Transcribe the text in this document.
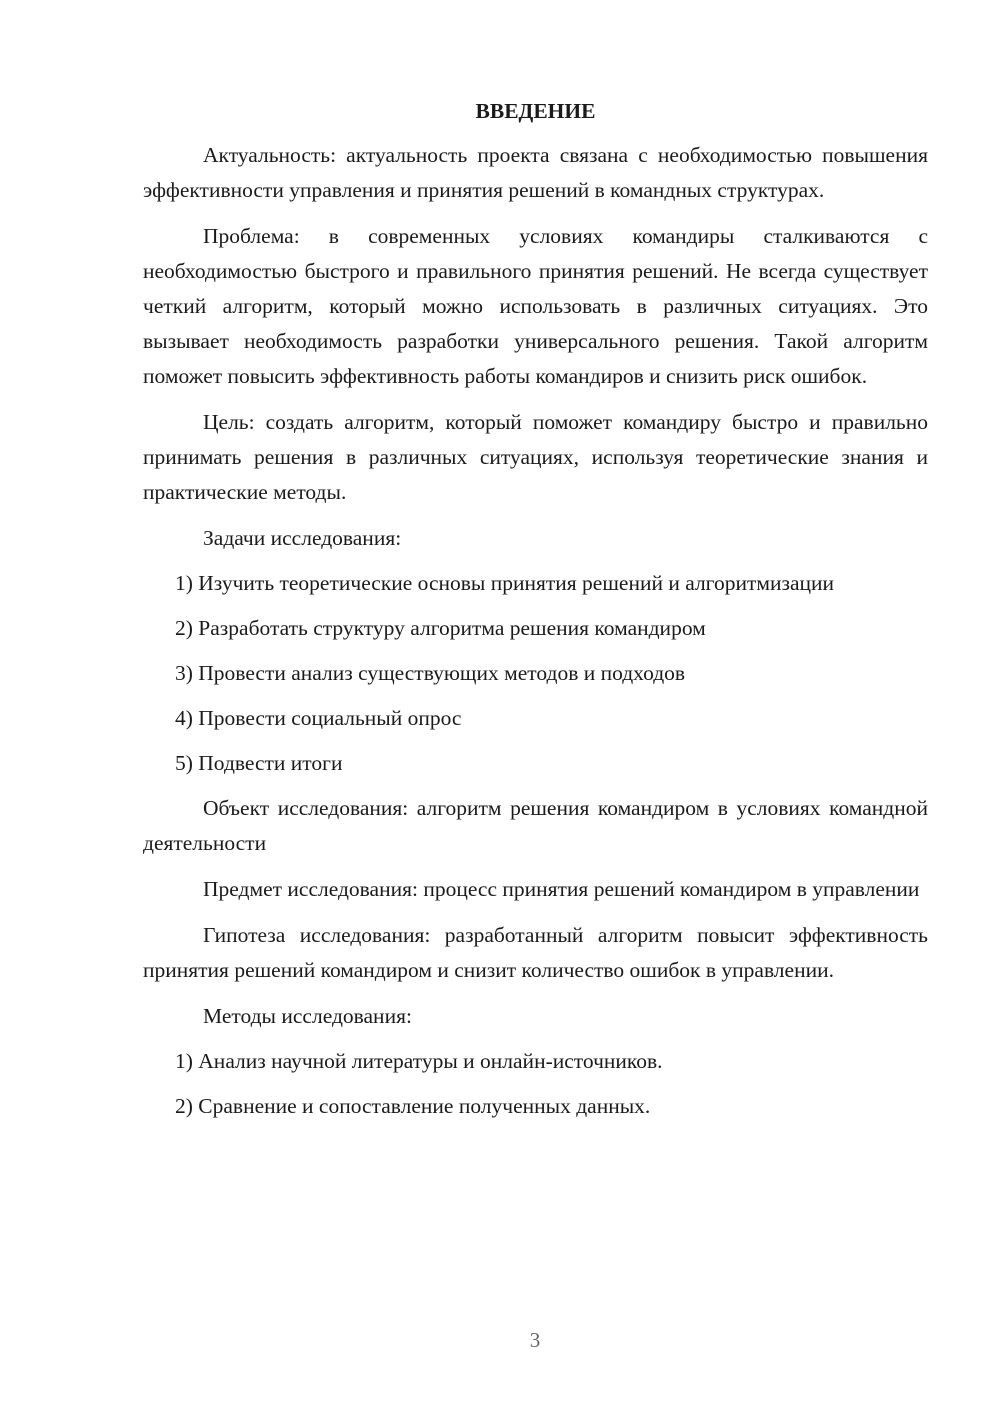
ВВЕДЕНИЕ

Актуальность: актуальность проекта связана с необходимостью повышения эффективности управления и принятия решений в командных структурах.

Проблема: в современных условиях командиры сталкиваются с необходимостью быстрого и правильного принятия решений. Не всегда существует четкий алгоритм, который можно использовать в различных ситуациях. Это вызывает необходимость разработки универсального решения. Такой алгоритм поможет повысить эффективность работы командиров и снизить риск ошибок.

Цель: создать алгоритм, который поможет командиру быстро и правильно принимать решения в различных ситуациях, используя теоретические знания и практические методы.

Задачи исследования:

1) Изучить теоретические основы принятия решений и алгоритмизации

2) Разработать структуру алгоритма решения командиром

3) Провести анализ существующих методов и подходов

4) Провести социальный опрос

5) Подвести итоги

Объект исследования: алгоритм решения командиром в условиях командной деятельности

Предмет исследования: процесс принятия решений командиром в управлении

Гипотеза исследования: разработанный алгоритм повысит эффективность принятия решений командиром и снизит количество ошибок в управлении.

Методы исследования:

1) Анализ научной литературы и онлайн-источников.

2) Сравнение и сопоставление полученных данных.

3
